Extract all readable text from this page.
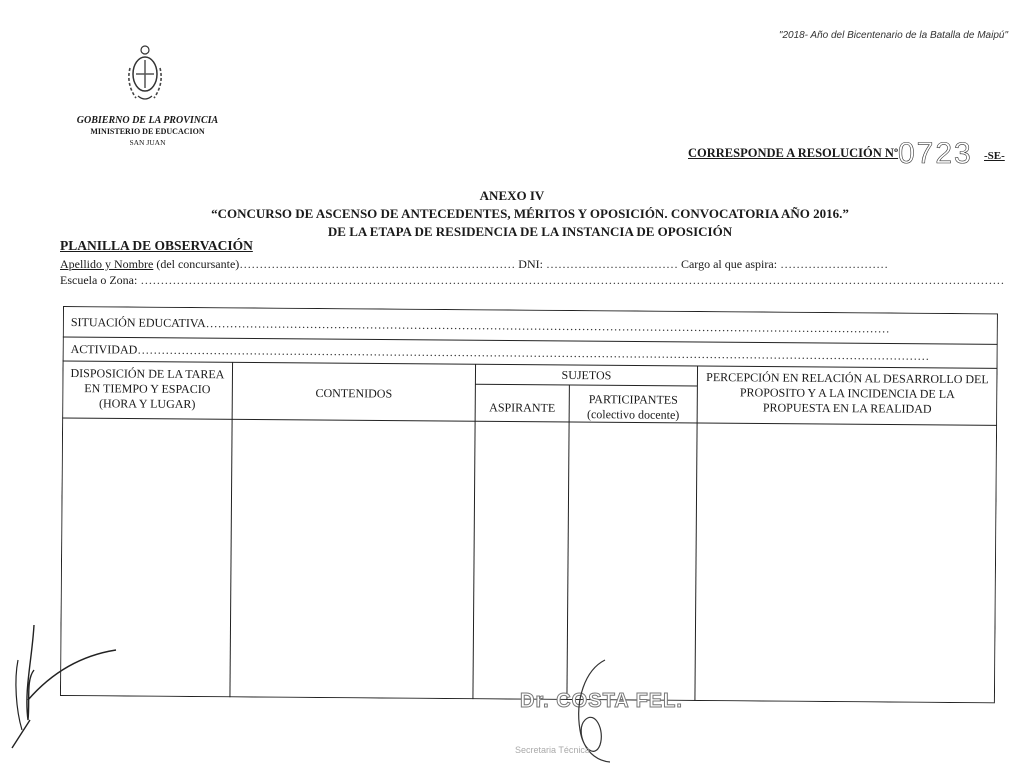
"2018- Año del Bicentenario de la Batalla de Maipú"
GOBIERNO DE LA PROVINCIA
MINISTERIO DE EDUCACION
SAN JUAN
CORRESPONDE A RESOLUCIÓN Nº 0723 -SE-
ANEXO IV
“CONCURSO DE ASCENSO DE ANTECEDENTES, MÉRITOS Y OPOSICIÓN. CONVOCATORIA AÑO 2016.”
DE LA ETAPA DE RESIDENCIA DE LA INSTANCIA DE OPOSICIÓN
PLANILLA DE OBSERVACIÓN
Apellido y Nombre (del concursante)…………………………………………………………… DNI: …………………………… Cargo al que aspira: ………………………
Escuela o Zona: ………………………………………………………………………………………………………………………………………………………………………………………………
SITUACIÓN EDUCATIVA………………………………………………………………………………………………………………………………………………………
ACTIVIDAD………………………………………………………………………………………………………………………………………………………………………………
DISPOSICIÓN DE LA TAREA
EN TIEMPO Y ESPACIO
(HORA Y LUGAR)
CONTENIDOS
SUJETOS
ASPIRANTE
PARTICIPANTES
(colectivo docente)
PERCEPCIÓN EN RELACIÓN AL DESARROLLO DEL
PROPOSITO Y A LA INCIDENCIA DE LA
PROPUESTA EN LA REALIDAD
Dr. COSTA FEL.
Secretaria Técnica
